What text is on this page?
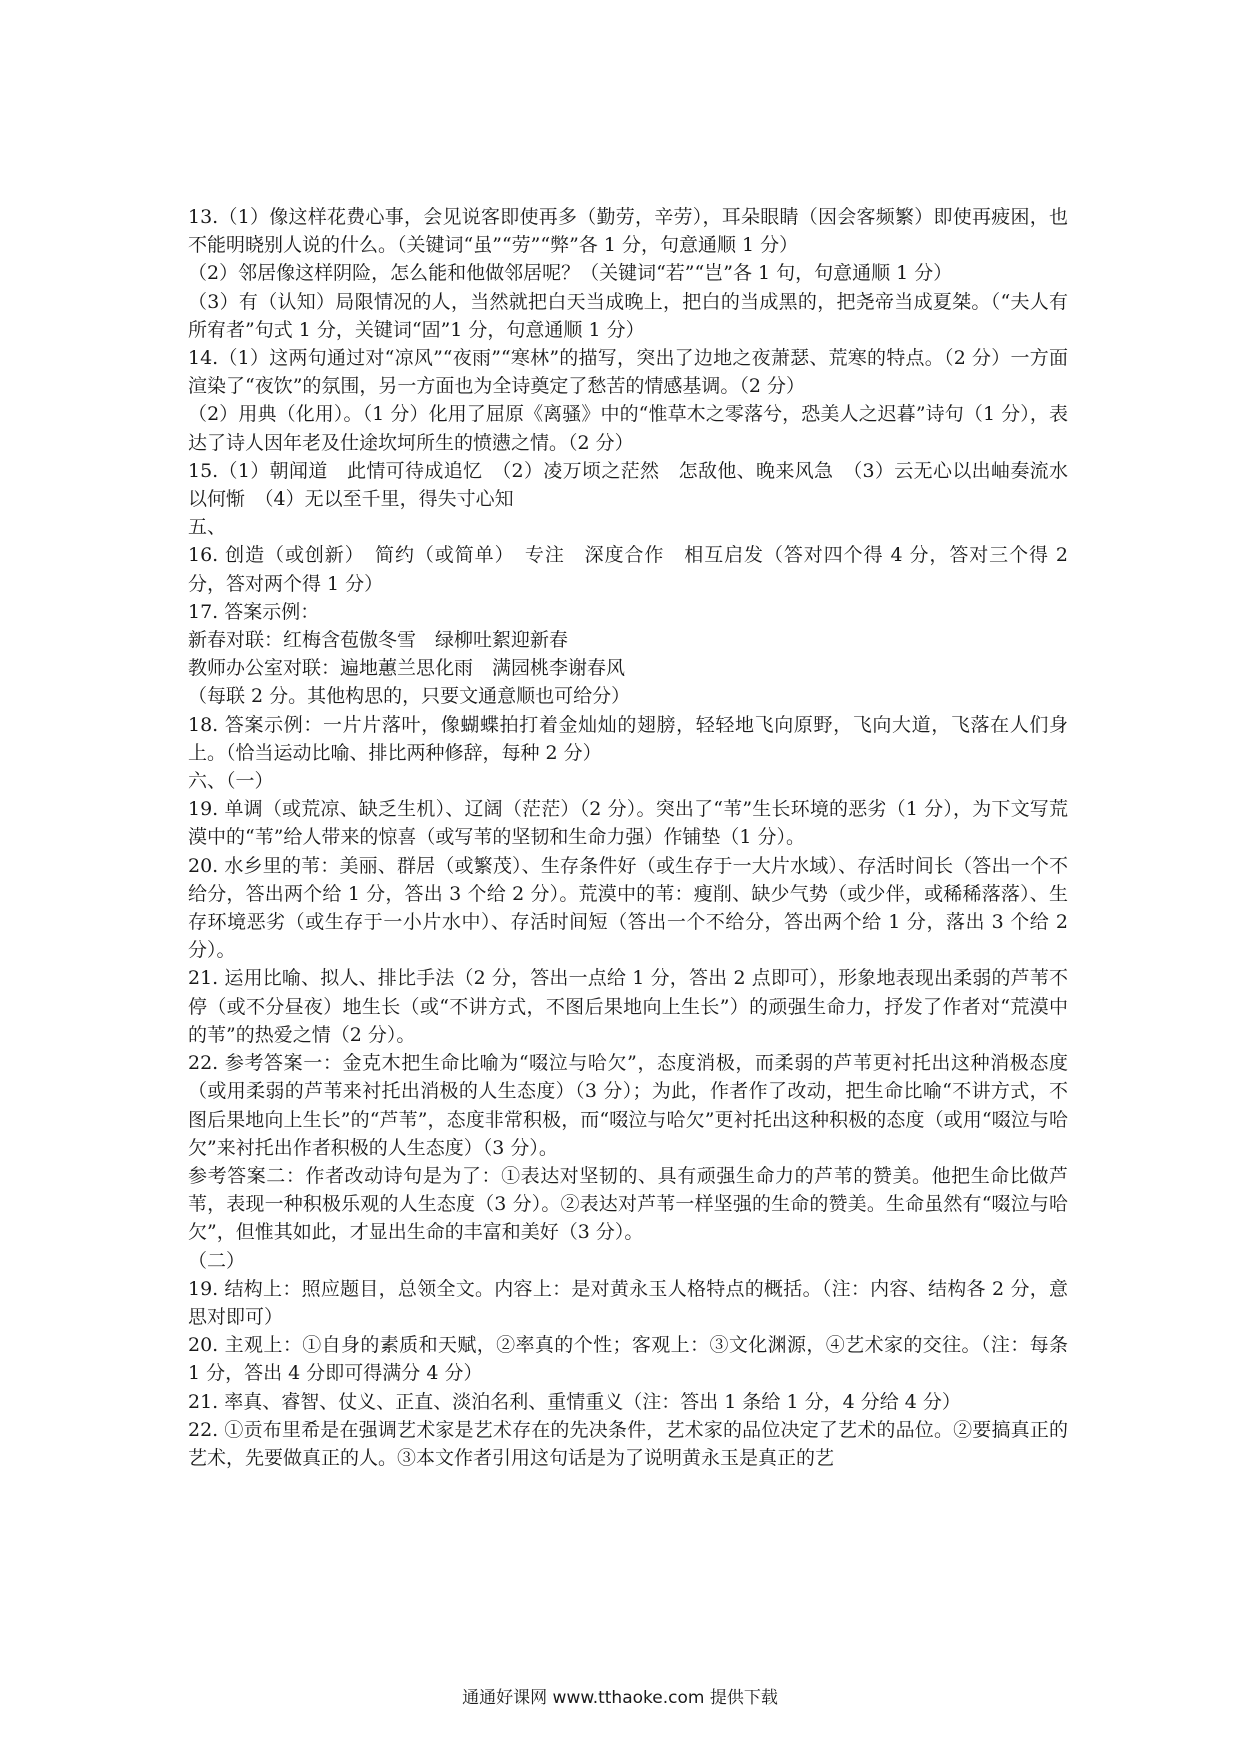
13.（1）像这样花费心事，会见说客即使再多（勤劳，辛劳），耳朵眼睛（因会客频繁）即使再疲困，也不能明晓别人说的什么。（关键词“虽”“劳”“弊”各 1 分，句意通顺 1 分）

（2）邻居像这样阴险，怎么能和他做邻居呢？（关键词“若”“岂”各 1 句，句意通顺 1 分）

（3）有（认知）局限情况的人，当然就把白天当成晚上，把白的当成黑的，把尧帝当成夏桀。（“夫人有所宥者”句式 1 分，关键词“固”1 分，句意通顺 1 分）

14.（1）这两句通过对“凉风”“夜雨”“寒林”的描写，突出了边地之夜萧瑟、荒寒的特点。（2 分）一方面渲染了“夜饮”的氛围，另一方面也为全诗奠定了愁苦的情感基调。（2 分）

（2）用典（化用）。（1 分）化用了屈原《离骚》中的“惟草木之零落兮，恐美人之迟暮”诗句（1 分），表达了诗人因年老及仕途坎坷所生的愤懑之情。（2 分）

15.（1）朝闻道　此情可待成追忆　（2）凌万顷之茫然　怎敌他、晚来风急　（3）云无心以出岫奏流水以何惭　（4）无以至千里，得失寸心知

五、

16. 创造（或创新）　简约（或简单）　专注　深度合作　相互启发（答对四个得 4 分，答对三个得 2 分，答对两个得 1 分）

17. 答案示例：

新春对联：红梅含苞傲冬雪　绿柳吐絮迎新春

教师办公室对联：遍地蕙兰思化雨　满园桃李谢春风

（每联 2 分。其他构思的，只要文通意顺也可给分）

18. 答案示例：一片片落叶，像蝴蝶拍打着金灿灿的翅膀，轻轻地飞向原野，飞向大道，飞落在人们身上。（恰当运动比喻、排比两种修辞，每种 2 分）

六、（一）

19. 单调（或荒凉、缺乏生机）、辽阔（茫茫）（2 分）。突出了“苇”生长环境的恶劣（1 分），为下文写荒漠中的“苇”给人带来的惊喜（或写苇的坚韧和生命力强）作铺垫（1 分）。

20. 水乡里的苇：美丽、群居（或繁茂）、生存条件好（或生存于一大片水域）、存活时间长（答出一个不给分，答出两个给 1 分，答出 3 个给 2 分）。荒漠中的苇：瘦削、缺少气势（或少伴，或稀稀落落）、生存环境恶劣（或生存于一小片水中）、存活时间短（答出一个不给分，答出两个给 1 分，落出 3 个给 2 分）。

21. 运用比喻、拟人、排比手法（2 分，答出一点给 1 分，答出 2 点即可），形象地表现出柔弱的芦苇不停（或不分昼夜）地生长（或“不讲方式，不图后果地向上生长”）的顽强生命力，抒发了作者对“荒漠中的苇”的热爱之情（2 分）。

22. 参考答案一：金克木把生命比喻为“啜泣与哈欠”，态度消极，而柔弱的芦苇更衬托出这种消极态度（或用柔弱的芦苇来衬托出消极的人生态度）（3 分）；为此，作者作了改动，把生命比喻“不讲方式，不图后果地向上生长”的“芦苇”，态度非常积极，而“啜泣与哈欠”更衬托出这种积极的态度（或用“啜泣与哈欠”来衬托出作者积极的人生态度）（3 分）。

参考答案二：作者改动诗句是为了：①表达对坚韧的、具有顽强生命力的芦苇的赞美。他把生命比做芦苇，表现一种积极乐观的人生态度（3 分）。②表达对芦苇一样坚强的生命的赞美。生命虽然有“啜泣与哈欠”，但惟其如此，才显出生命的丰富和美好（3 分）。

（二）

19. 结构上：照应题目，总领全文。内容上：是对黄永玉人格特点的概括。（注：内容、结构各 2 分，意思对即可）

20. 主观上：①自身的素质和天赋，②率真的个性；客观上：③文化渊源，④艺术家的交往。（注：每条 1 分，答出 4 分即可得满分 4 分）

21. 率真、睿智、仗义、正直、淡泊名利、重情重义（注：答出 1 条给 1 分，4 分给 4 分）

22. ①贡布里希是在强调艺术家是艺术存在的先决条件，艺术家的品位决定了艺术的品位。②要搞真正的艺术，先要做真正的人。③本文作者引用这句话是为了说明黄永玉是真正的艺

通通好课网 www.tthaoke.com 提供下载
